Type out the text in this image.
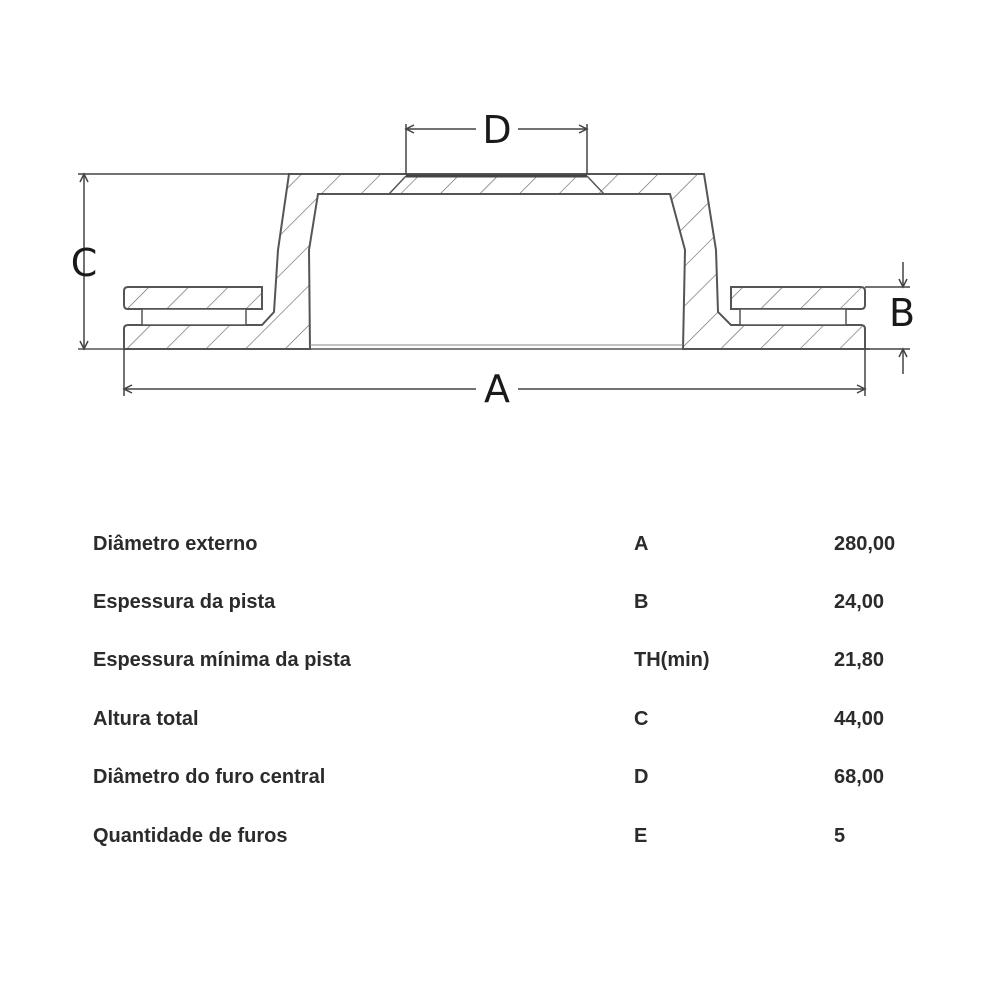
D
C
B
A
Diâmetro externo	A	280,00
Espessura da pista	B	24,00
Espessura mínima da pista	TH(min)	21,80
Altura total	C	44,00
Diâmetro do furo central	D	68,00
Quantidade de furos	E	5
